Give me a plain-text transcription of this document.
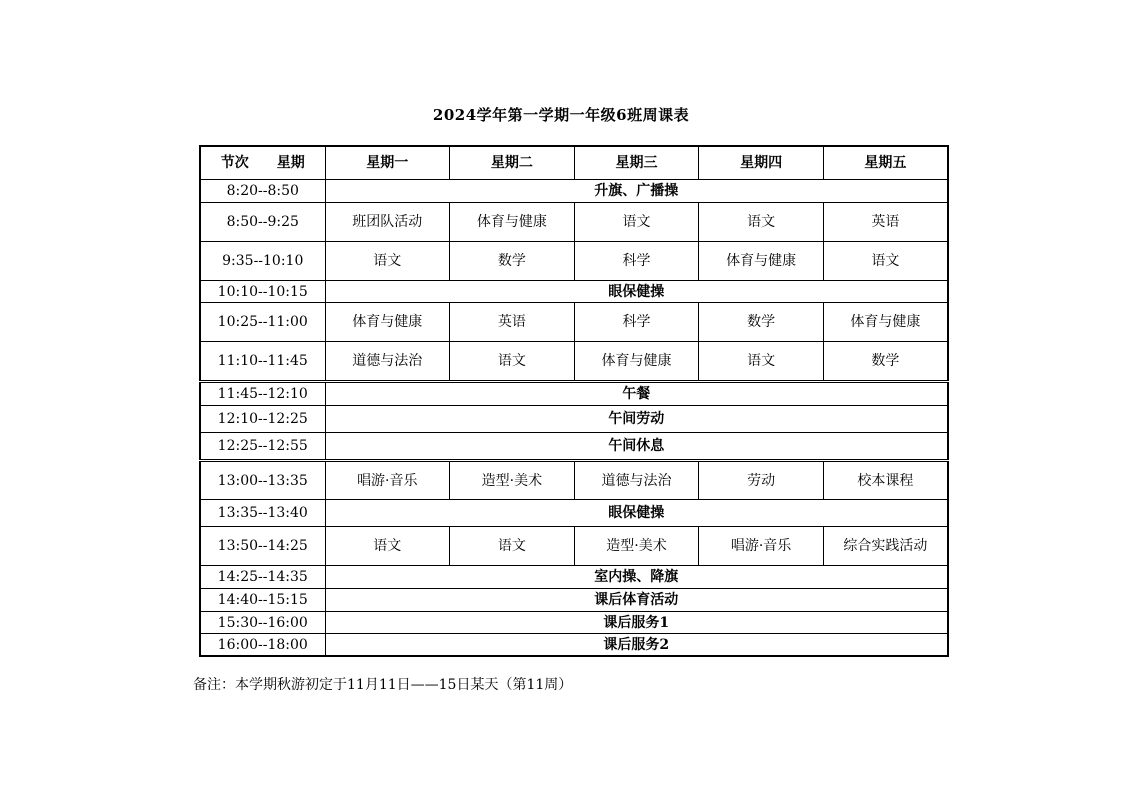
2024学年第一学期一年级6班周课表
节次 星期	星期一	星期二	星期三	星期四	星期五
8:20--8:50	升旗、广播操				
8:50--9:25	班团队活动	体育与健康	语文	语文	英语
9:35--10:10	语文	数学	科学	体育与健康	语文
10:10--10:15	眼保健操				
10:25--11:00	体育与健康	英语	科学	数学	体育与健康
11:10--11:45	道德与法治	语文	体育与健康	语文	数学
11:45--12:10	午餐				
12:10--12:25	午间劳动				
12:25--12:55	午间休息				
13:00--13:35	唱游·音乐	造型·美术	道德与法治	劳动	校本课程
13:35--13:40	眼保健操				
13:50--14:25	语文	语文	造型·美术	唱游·音乐	综合实践活动
14:25--14:35	室内操、降旗				
14:40--15:15	课后体育活动				
15:30--16:00	课后服务1				
16:00--18:00	课后服务2				
备注：本学期秋游初定于11月11日——15日某天（第11周）
